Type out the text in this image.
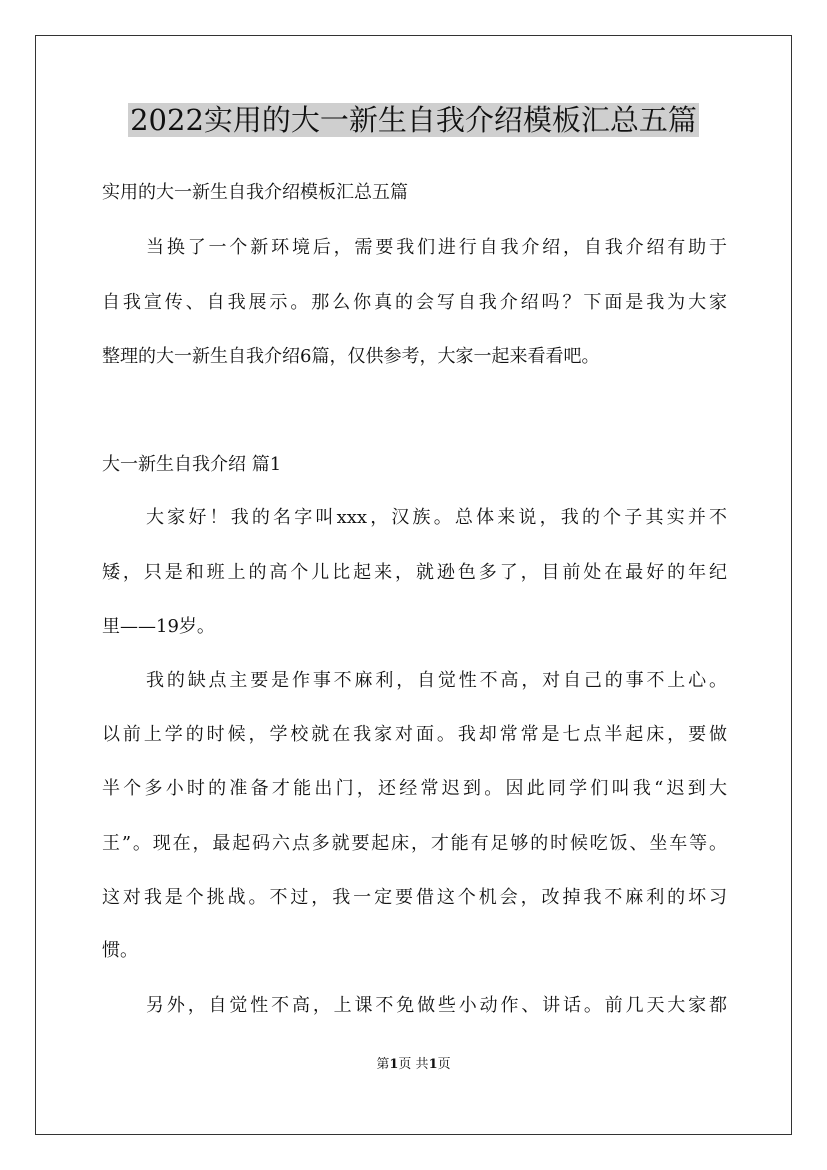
2022实用的大一新生自我介绍模板汇总五篇
实用的大一新生自我介绍模板汇总五篇
当换了一个新环境后，需要我们进行自我介绍，自我介绍有助于
自我宣传、自我展示。那么你真的会写自我介绍吗？下面是我为大家
整理的大一新生自我介绍6篇，仅供参考，大家一起来看看吧。
大一新生自我介绍 篇1
大家好！我的名字叫xxx，汉族。总体来说，我的个子其实并不
矮，只是和班上的高个儿比起来，就逊色多了，目前处在最好的年纪
里——19岁。
我的缺点主要是作事不麻利，自觉性不高，对自己的事不上心。
以前上学的时候，学校就在我家对面。我却常常是七点半起床，要做
半个多小时的准备才能出门，还经常迟到。因此同学们叫我“迟到大
王”。现在，最起码六点多就要起床，才能有足够的时候吃饭、坐车等。
这对我是个挑战。不过，我一定要借这个机会，改掉我不麻利的坏习
惯。
另外，自觉性不高，上课不免做些小动作、讲话。前几天大家都
第1页 共1页
